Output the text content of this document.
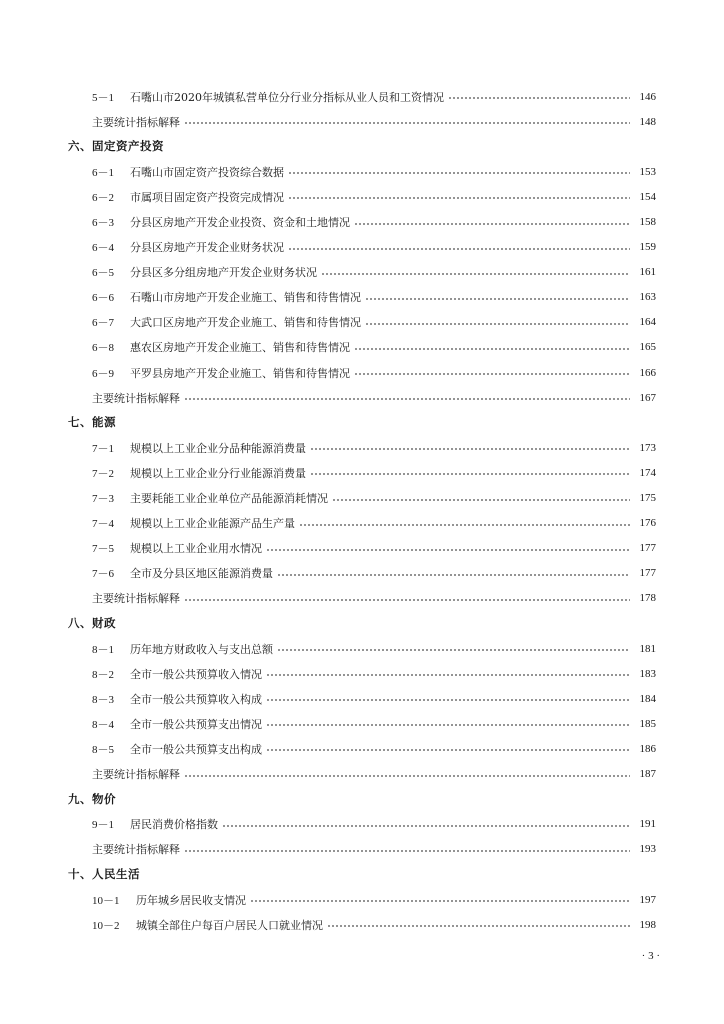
5－1	石嘴山市2020年城镇私营单位分行业分指标从业人员和工资情况	146
主要统计指标解释	148
六、固定资产投资
6－1	石嘴山市固定资产投资综合数据	153
6－2	市属项目固定资产投资完成情况	154
6－3	分县区房地产开发企业投资、资金和土地情况	158
6－4	分县区房地产开发企业财务状况	159
6－5	分县区多分组房地产开发企业财务状况	161
6－6	石嘴山市房地产开发企业施工、销售和待售情况	163
6－7	大武口区房地产开发企业施工、销售和待售情况	164
6－8	惠农区房地产开发企业施工、销售和待售情况	165
6－9	平罗县房地产开发企业施工、销售和待售情况	166
主要统计指标解释	167
七、能源
7－1	规模以上工业企业分品种能源消费量	173
7－2	规模以上工业企业分行业能源消费量	174
7－3	主要耗能工业企业单位产品能源消耗情况	175
7－4	规模以上工业企业能源产品生产量	176
7－5	规模以上工业企业用水情况	177
7－6	全市及分县区地区能源消费量	177
主要统计指标解释	178
八、财政
8－1	历年地方财政收入与支出总额	181
8－2	全市一般公共预算收入情况	183
8－3	全市一般公共预算收入构成	184
8－4	全市一般公共预算支出情况	185
8－5	全市一般公共预算支出构成	186
主要统计指标解释	187
九、物价
9－1	居民消费价格指数	191
主要统计指标解释	193
十、人民生活
10－1	历年城乡居民收支情况	197
10－2	城镇全部住户每百户居民人口就业情况	198
· 3 ·
